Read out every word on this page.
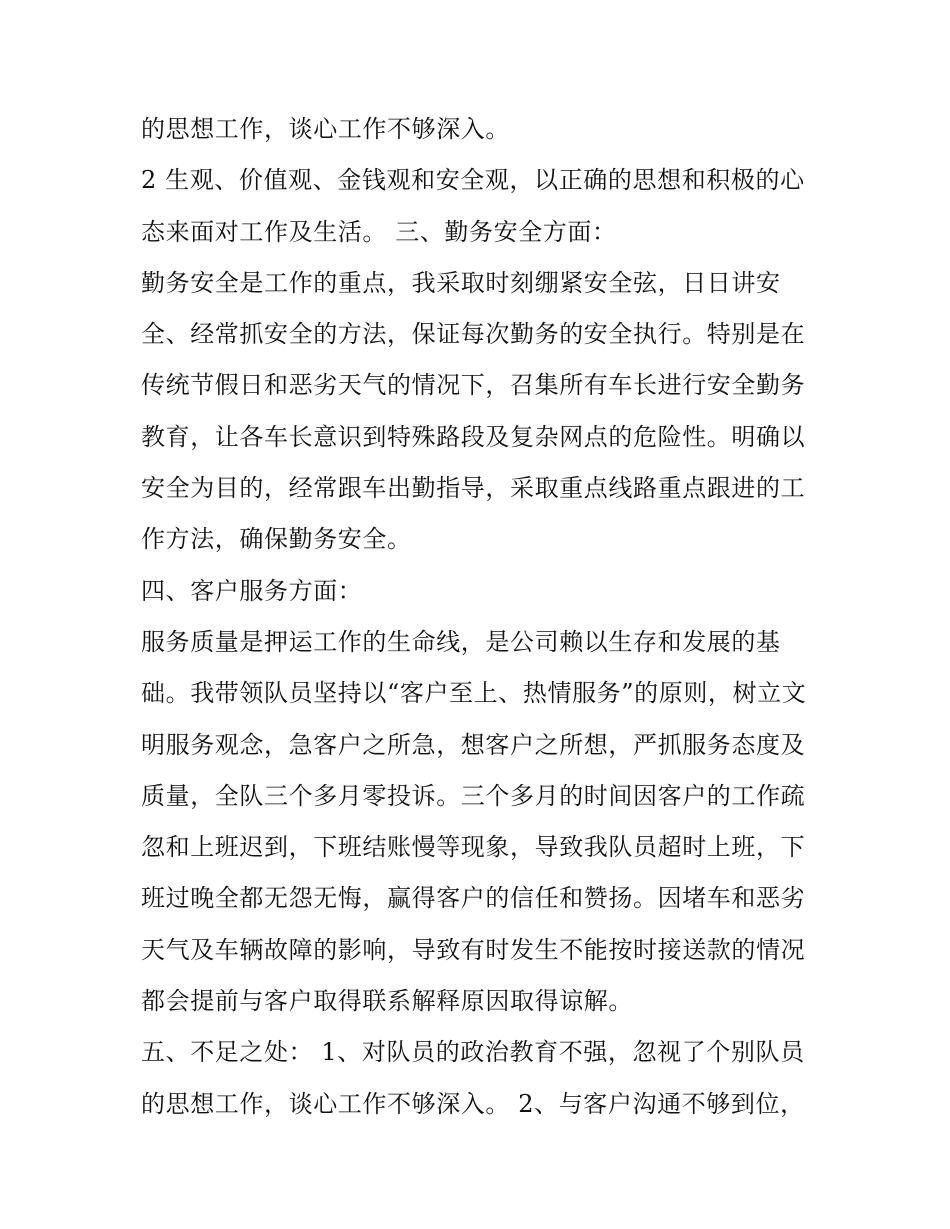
的思想工作，谈心工作不够深入。
2 生观、价值观、金钱观和安全观，以正确的思想和积极的心
态来面对工作及生活。 三、勤务安全方面：
勤务安全是工作的重点，我采取时刻绷紧安全弦，日日讲安
全、经常抓安全的方法，保证每次勤务的安全执行。特别是在
传统节假日和恶劣天气的情况下，召集所有车长进行安全勤务
教育，让各车长意识到特殊路段及复杂网点的危险性。明确以
安全为目的，经常跟车出勤指导，采取重点线路重点跟进的工
作方法，确保勤务安全。
四、客户服务方面：
服务质量是押运工作的生命线，是公司赖以生存和发展的基
础。我带领队员坚持以“客户至上、热情服务”的原则，树立文
明服务观念，急客户之所急，想客户之所想，严抓服务态度及
质量，全队三个多月零投诉。三个多月的时间因客户的工作疏
忽和上班迟到，下班结账慢等现象，导致我队员超时上班，下
班过晚全都无怨无悔，赢得客户的信任和赞扬。因堵车和恶劣
天气及车辆故障的影响，导致有时发生不能按时接送款的情况
都会提前与客户取得联系解释原因取得谅解。
五、不足之处： 1、对队员的政治教育不强，忽视了个别队员
的思想工作，谈心工作不够深入。 2、与客户沟通不够到位，
